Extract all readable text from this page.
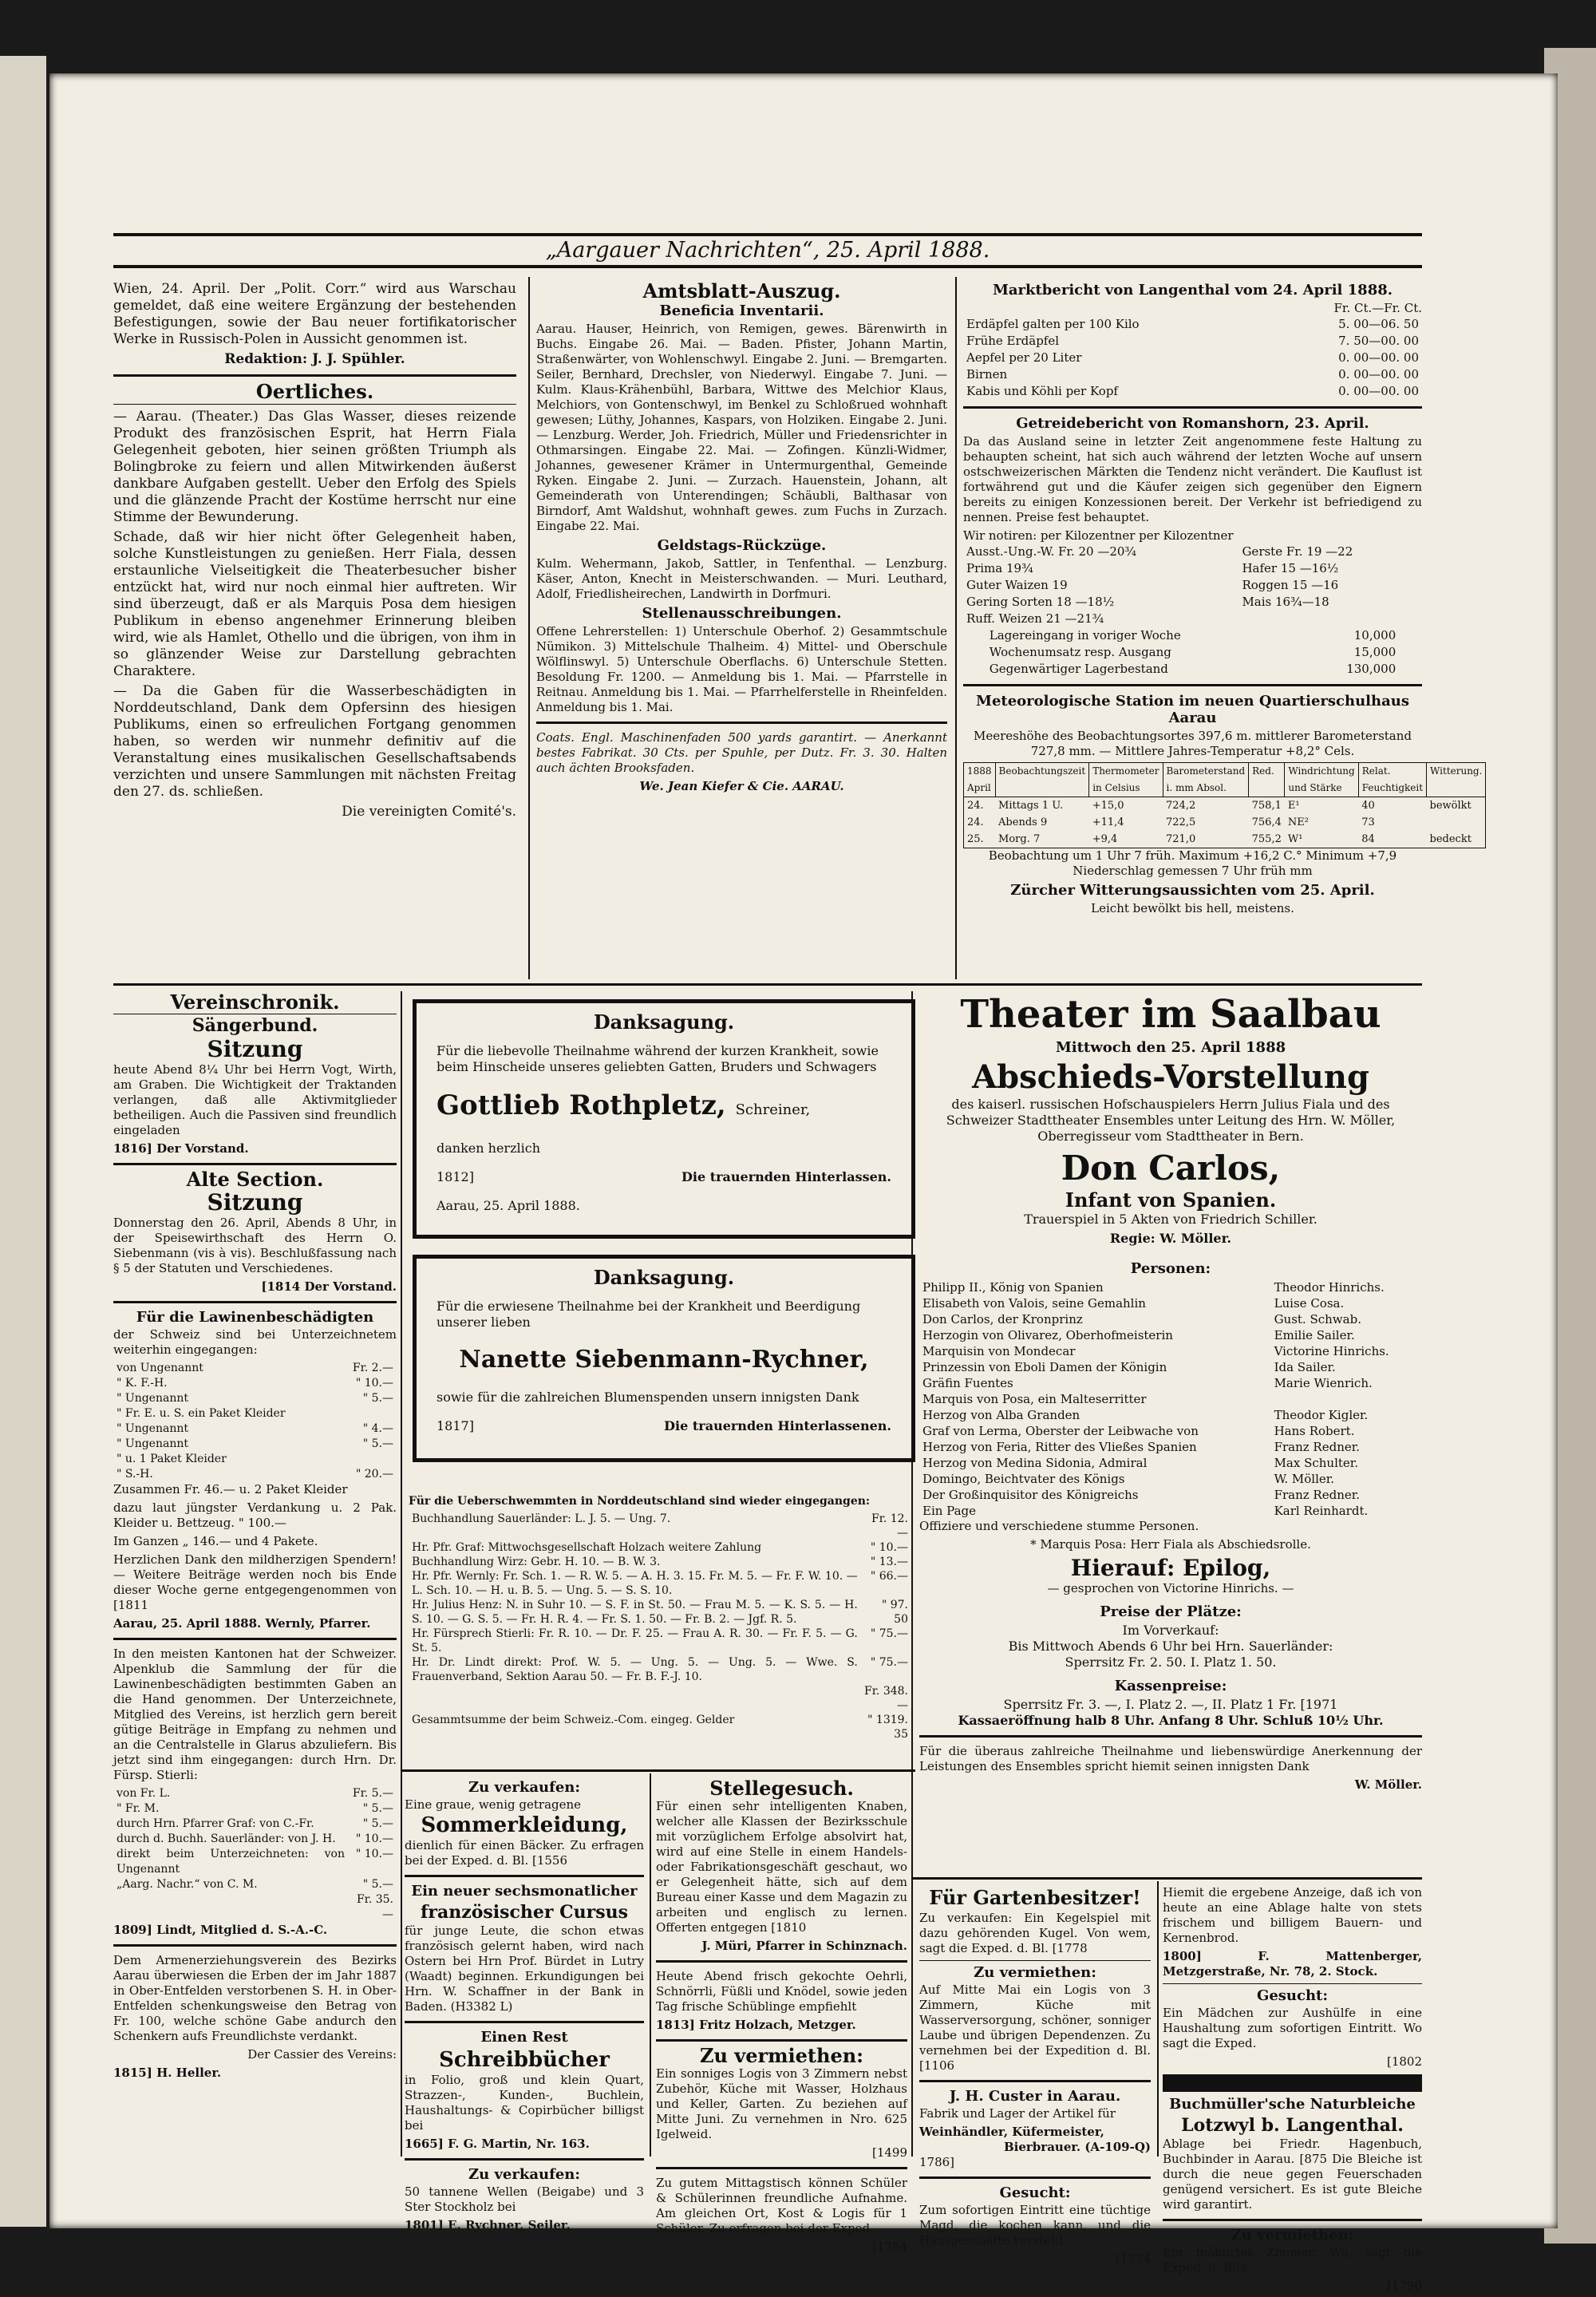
„Aargauer Nachrichten“, 25. April 1888.

Wien, 24. April. Der „Polit. Corr.“ wird aus Warschau gemeldet, daß eine weitere Ergänzung der bestehenden Befestigungen, sowie der Bau neuer fortifikatorischer Werke in Russisch-Polen in Aussicht genommen ist.

Redaktion: J. J. Spühler.

Oertliches.

— Aarau. (Theater.) Das Glas Wasser, dieses reizende Produkt des französischen Esprit, hat Herrn Fiala Gelegenheit geboten, hier seinen größten Triumph als Bolingbroke zu feiern und allen Mitwirkenden äußerst dankbare Aufgaben gestellt. Ueber den Erfolg des Spiels und die glänzende Pracht der Kostüme herrscht nur eine Stimme der Bewunderung.

Schade, daß wir hier nicht öfter Gelegenheit haben, solche Kunstleistungen zu genießen. Herr Fiala, dessen erstaunliche Vielseitigkeit die Theaterbesucher bisher entzückt hat, wird nur noch einmal hier auftreten. Wir sind überzeugt, daß er als Marquis Posa dem hiesigen Publikum in ebenso angenehmer Erinnerung bleiben wird, wie als Hamlet, Othello und die übrigen, von ihm in so glänzender Weise zur Darstellung gebrachten Charaktere.

— Da die Gaben für die Wasserbeschädigten in Norddeutschland, Dank dem Opfersinn des hiesigen Publikums, einen so erfreulichen Fortgang genommen haben, so werden wir nunmehr definitiv auf die Veranstaltung eines musikalischen Gesellschaftsabends verzichten und unsere Sammlungen mit nächsten Freitag den 27. ds. schließen.

Die vereinigten Comité's.

Amtsblatt-Auszug.
Beneficia Inventarii.

Aarau. Hauser, Heinrich, von Remigen, gewes. Bärenwirth in Buchs. Eingabe 26. Mai. — Baden. Pfister, Johann Martin, Straßenwärter, von Wohlenschwyl. Eingabe 2. Juni. — Bremgarten. Seiler, Bernhard, Drechsler, von Niederwyl. Eingabe 7. Juni. — Kulm. Klaus-Krähenbühl, Barbara, Wittwe des Melchior Klaus, Melchiors, von Gontenschwyl, im Benkel zu Schloßrued wohnhaft gewesen; Lüthy, Johannes, Kaspars, von Holziken. Eingabe 2. Juni. — Lenzburg. Werder, Joh. Friedrich, Müller und Friedensrichter in Othmarsingen. Eingabe 22. Mai. — Zofingen. Künzli-Widmer, Johannes, gewesener Krämer in Untermurgenthal, Gemeinde Ryken. Eingabe 2. Juni. — Zurzach. Hauenstein, Johann, alt Gemeinderath von Unterendingen; Schäubli, Balthasar von Birndorf, Amt Waldshut, wohnhaft gewes. zum Fuchs in Zurzach. Eingabe 22. Mai.

Geldstags-Rückzüge.

Kulm. Wehermann, Jakob, Sattler, in Tenfenthal. — Lenzburg. Käser, Anton, Knecht in Meisterschwanden. — Muri. Leuthard, Adolf, Friedlisheirechen, Landwirth in Dorfmuri.

Stellenausschreibungen.

Offene Lehrerstellen: 1) Unterschule Oberhof. 2) Gesammtschule Nümikon. 3) Mittelschule Thalheim. 4) Mittel- und Oberschule Wölflinswyl. 5) Unterschule Oberflachs. 6) Unterschule Stetten. Besoldung Fr. 1200. — Anmeldung bis 1. Mai. — Pfarrstelle in Reitnau. Anmeldung bis 1. Mai. — Pfarrhelferstelle in Rheinfelden. Anmeldung bis 1. Mai.

Coats. Engl. Maschinenfaden 500 yards garantirt. — Anerkannt bestes Fabrikat. 30 Cts. per Spuhle, per Dutz. Fr. 3. 30. Halten auch ächten Brooksfaden.

We. Jean Kiefer & Cie. AARAU.

Marktbericht von Langenthal vom 24. April 1888.
Fr. Ct.—Fr. Ct.
Erdäpfel galten per 100 Kilo	5. 00—06. 50
Frühe Erdäpfel	7. 50—00. 00
Aepfel per 20 Liter	0. 00—00. 00
Birnen	0. 00—00. 00
Kabis und Köhli per Kopf	0. 00—00. 00
Getreidebericht von Romanshorn, 23. April.

Da das Ausland seine in letzter Zeit angenommene feste Haltung zu behaupten scheint, hat sich auch während der letzten Woche auf unsern ostschweizerischen Märkten die Tendenz nicht verändert. Die Kauflust ist fortwährend gut und die Käufer zeigen sich gegenüber den Eignern bereits zu einigen Konzessionen bereit. Der Verkehr ist befriedigend zu nennen. Preise fest behauptet.

Wir notiren: per Kilozentner per Kilozentner
Ausst.-Ung.-W. Fr. 20 —20¾	Gerste Fr. 19 —22
Prima 19¾	Hafer 15 —16½
Guter Waizen 19	Roggen 15 —16
Gering Sorten 18 —18½	Mais 16¾—18
Ruff. Weizen 21 —21¾	
Lagereingang in voriger Woche	10,000
Wochenumsatz resp. Ausgang	15,000
Gegenwärtiger Lagerbestand	130,000
Meteorologische Station im neuen Quartierschulhaus Aarau

Meereshöhe des Beobachtungsortes 397,6 m. mittlerer Barometerstand 727,8 mm. — Mittlere Jahres-Temperatur +8,2° Cels.

1888 April	Beobachtungszeit	Thermometer in Celsius	Barometerstand i. mm Absol.	Red.	Windrichtung und Stärke	Relat. Feuchtigkeit	Witterung.
24.	Mittags 1 U.	+15,0	724,2	758,1	E¹	40	bewölkt
24.	Abends 9	+11,4	722,5	756,4	NE²	73	
25.	Morg. 7	+9,4	721,0	755,2	W¹	84	bedeckt

Beobachtung um 1 Uhr 7 früh. Maximum +16,2 C.° Minimum +7,9 Niederschlag gemessen 7 Uhr früh mm

Zürcher Witterungsaussichten vom 25. April.
Leicht bewölkt bis hell, meistens.
Vereinschronik.
Sängerbund.
Sitzung

heute Abend 8¼ Uhr bei Herrn Vogt, Wirth, am Graben. Die Wichtigkeit der Traktanden verlangen, daß alle Aktivmitglieder betheiligen. Auch die Passiven sind freundlich eingeladen

1816] Der Vorstand.

Alte Section.
Sitzung

Donnerstag den 26. April, Abends 8 Uhr, in der Speisewirthschaft des Herrn O. Siebenmann (vis à vis). Beschlußfassung nach § 5 der Statuten und Verschiedenes.

[1814 Der Vorstand.

Für die Lawinenbeschädigten

der Schweiz sind bei Unterzeichnetem weiterhin eingegangen:

von Ungenannt	Fr. 2.—
" K. F.-H.	" 10.—
" Ungenannt	" 5.—
" Fr. E. u. S. ein Paket Kleider	
" Ungenannt	" 4.—
" Ungenannt	" 5.—
" u. 1 Paket Kleider	
" S.-H.	" 20.—

Zusammen Fr. 46.— u. 2 Paket Kleider

dazu laut jüngster Verdankung u. 2 Pak. Kleider u. Bettzeug. " 100.—

Im Ganzen „ 146.— und 4 Pakete.

Herzlichen Dank den mildherzigen Spendern! — Weitere Beiträge werden noch bis Ende dieser Woche gerne entgegengenommen von [1811

Aarau, 25. April 1888. Wernly, Pfarrer.

In den meisten Kantonen hat der Schweizer. Alpenklub die Sammlung der für die Lawinenbeschädigten bestimmten Gaben an die Hand genommen. Der Unterzeichnete, Mitglied des Vereins, ist herzlich gern bereit gütige Beiträge in Empfang zu nehmen und an die Centralstelle in Glarus abzuliefern. Bis jetzt sind ihm eingegangen: durch Hrn. Dr. Fürsp. Stierli:

von Fr. L.	Fr. 5.—
" Fr. M.	" 5.—
durch Hrn. Pfarrer Graf: von C.-Fr.	" 5.—
durch d. Buchh. Sauerländer: von J. H.	" 10.—
direkt beim Unterzeichneten: von Ungenannt	" 10.—
„Aarg. Nachr.“ von C. M.	" 5.—
	Fr. 35.—

1809] Lindt, Mitglied d. S.-A.-C.

Dem Armenerziehungsverein des Bezirks Aarau überwiesen die Erben der im Jahr 1887 in Ober-Entfelden verstorbenen S. H. in Ober-Entfelden schenkungsweise den Betrag von Fr. 100, welche schöne Gabe andurch den Schenkern aufs Freundlichste verdankt.

Der Cassier des Vereins:

1815] H. Heller.

Danksagung.

Für die liebevolle Theilnahme während der kurzen Krankheit, sowie beim Hinscheide unseres geliebten Gatten, Bruders und Schwagers

Gottlieb Rothpletz, Schreiner,

danken herzlich

1812]	Die trauernden Hinterlassen.

Aarau, 25. April 1888.

Danksagung.

Für die erwiesene Theilnahme bei der Krankheit und Beerdigung unserer lieben

Nanette Siebenmann-Rychner,

sowie für die zahlreichen Blumenspenden unsern innigsten Dank

1817]	Die trauernden Hinterlassenen.

Für die Ueberschwemmten in Norddeutschland sind wieder eingegangen:

Buchhandlung Sauerländer: L. J. 5. — Ung. 7.	Fr. 12.—
Hr. Pfr. Graf: Mittwochsgesellschaft Holzach weitere Zahlung	" 10.—
Buchhandlung Wirz: Gebr. H. 10. — B. W. 3.	" 13.—
Hr. Pfr. Wernly: Fr. Sch. 1. — R. W. 5. — A. H. 3. 15. Fr. M. 5. — Fr. F. W. 10. — L. Sch. 10. — H. u. B. 5. — Ung. 5. — S. S. 10.	" 66.—
Hr. Julius Henz: N. in Suhr 10. — S. F. in St. 50. — Frau M. 5. — K. S. 5. — H. S. 10. — G. S. 5. — Fr. H. R. 4. — Fr. S. 1. 50. — Fr. B. 2. — Jgf. R. 5.	" 97. 50
Hr. Fürsprech Stierli: Fr. R. 10. — Dr. F. 25. — Frau A. R. 30. — Fr. F. 5. — G. St. 5.	" 75.—
Hr. Dr. Lindt direkt: Prof. W. 5. — Ung. 5. — Ung. 5. — Wwe. S. Frauenverband, Sektion Aarau 50. — Fr. B. F.-J. 10.	" 75.—
	Fr. 348.—
Gesammtsumme der beim Schweiz.-Com. eingeg. Gelder	" 1319. 35
Zu verkaufen:
Eine graue, wenig getragene
Sommerkleidung,

dienlich für einen Bäcker. Zu erfragen bei der Exped. d. Bl. [1556

Ein neuer sechsmonatlicher
französischer Cursus

für junge Leute, die schon etwas französisch gelernt haben, wird nach Ostern bei Hrn Prof. Bürdet in Lutry (Waadt) beginnen. Erkundigungen bei Hrn. W. Schaffner in der Bank in Baden. (H3382 L)

Einen Rest
Schreibbücher

in Folio, groß und klein Quart, Strazzen-, Kunden-, Buchlein, Haushaltungs- & Copirbücher billigst bei

1665] F. G. Martin, Nr. 163.

Zu verkaufen:

50 tannene Wellen (Beigabe) und 3 Ster Stockholz bei

1801] E. Rychner, Seiler.

Stellegesuch.

Für einen sehr intelligenten Knaben, welcher alle Klassen der Bezirksschule mit vorzüglichem Erfolge absolvirt hat, wird auf eine Stelle in einem Handels- oder Fabrikationsgeschäft geschaut, wo er Gelegenheit hätte, sich auf dem Bureau einer Kasse und dem Magazin zu arbeiten und englisch zu lernen. Offerten entgegen [1810

J. Müri, Pfarrer in Schinznach.

Heute Abend frisch gekochte Oehrli, Schnörrli, Füßli und Knödel, sowie jeden Tag frische Schüblinge empfiehlt

1813] Fritz Holzach, Metzger.

Zu vermiethen:

Ein sonniges Logis von 3 Zimmern nebst Zubehör, Küche mit Wasser, Holzhaus und Keller, Garten. Zu beziehen auf Mitte Juni. Zu vernehmen in Nro. 625 Igelweid.

[1499

Zu gutem Mittagstisch können Schüler & Schülerinnen freundliche Aufnahme. Am gleichen Ort, Kost & Logis für 1 Schüler. Zu erfragen bei der Exped.

[1784

Theater im Saalbau
Mittwoch den 25. April 1888
Abschieds-Vorstellung

des kaiserl. russischen Hofschauspielers Herrn Julius Fiala und des Schweizer Stadttheater Ensembles unter Leitung des Hrn. W. Möller, Oberregisseur vom Stadttheater in Bern.

Don Carlos,
Infant von Spanien.

Trauerspiel in 5 Akten von Friedrich Schiller.

Regie: W. Möller.

Personen:
Philipp II., König von Spanien	Theodor Hinrichs.
Elisabeth von Valois, seine Gemahlin	Luise Cosa.
Don Carlos, der Kronprinz	Gust. Schwab.
Herzogin von Olivarez, Oberhofmeisterin	Emilie Sailer.
Marquisin von Mondecar	Victorine Hinrichs.
Prinzessin von Eboli Damen der Königin	Ida Sailer.
Gräfin Fuentes	Marie Wienrich.
Marquis von Posa, ein Malteserritter	
Herzog von Alba Granden	Theodor Kigler.
Graf von Lerma, Oberster der Leibwache von	Hans Robert.
Herzog von Feria, Ritter des Vließes Spanien	Franz Redner.
Herzog von Medina Sidonia, Admiral	Max Schulter.
Domingo, Beichtvater des Königs	W. Möller.
Der Großinquisitor des Königreichs	Franz Redner.
Ein Page	Karl Reinhardt.

Offiziere und verschiedene stumme Personen.

* Marquis Posa: Herr Fiala als Abschiedsrolle.

Hierauf: Epilog,

— gesprochen von Victorine Hinrichs. —

Preise der Plätze:
Im Vorverkauf:
Bis Mittwoch Abends 6 Uhr bei Hrn. Sauerländer:
Sperrsitz Fr. 2. 50. I. Platz 1. 50.
Kassenpreise:
Sperrsitz Fr. 3. —, I. Platz 2. —, II. Platz 1 Fr. [1971
Kassaeröffnung halb 8 Uhr. Anfang 8 Uhr. Schluß 10½ Uhr.

Für die überaus zahlreiche Theilnahme und liebenswürdige Anerkennung der Leistungen des Ensembles spricht hiemit seinen innigsten Dank

W. Möller.

Für Gartenbesitzer!

Zu verkaufen: Ein Kegelspiel mit dazu gehörenden Kugel. Von wem, sagt die Exped. d. Bl. [1778

Zu vermiethen:

Auf Mitte Mai ein Logis von 3 Zimmern, Küche mit Wasserversorgung, schöner, sonniger Laube und übrigen Dependenzen. Zu vernehmen bei der Expedition d. Bl. [1106

J. H. Custer in Aarau.

Fabrik und Lager der Artikel für

Weinhändler, Küfermeister,
Bierbrauer. (A-109-Q)
1786]
Gesucht:

Zum sofortigen Eintritt eine tüchtige Magd, die kochen kann, und die Hausgeschäfte versteht.

[1774

Hiemit die ergebene Anzeige, daß ich von heute an eine Ablage halte von stets frischem und billigem Bauern- und Kernenbrod.

1800] F. Mattenberger, Metzgerstraße, Nr. 78, 2. Stock.

Gesucht:

Ein Mädchen zur Aushülfe in eine Haushaltung zum sofortigen Eintritt. Wo sagt die Exped.

[1802

Buchmüller'sche Naturbleiche
Lotzwyl b. Langenthal.

Ablage bei Friedr. Hagenbuch, Buchbinder in Aarau. [875 Die Bleiche ist durch die neue gegen Feuerschaden genügend versichert. Es ist gute Bleiche wird garantirt.

Zu vermiethen:

Ein möblirtes Zimmer. Wo, sagt die Exped. d. Blts.

[1790
